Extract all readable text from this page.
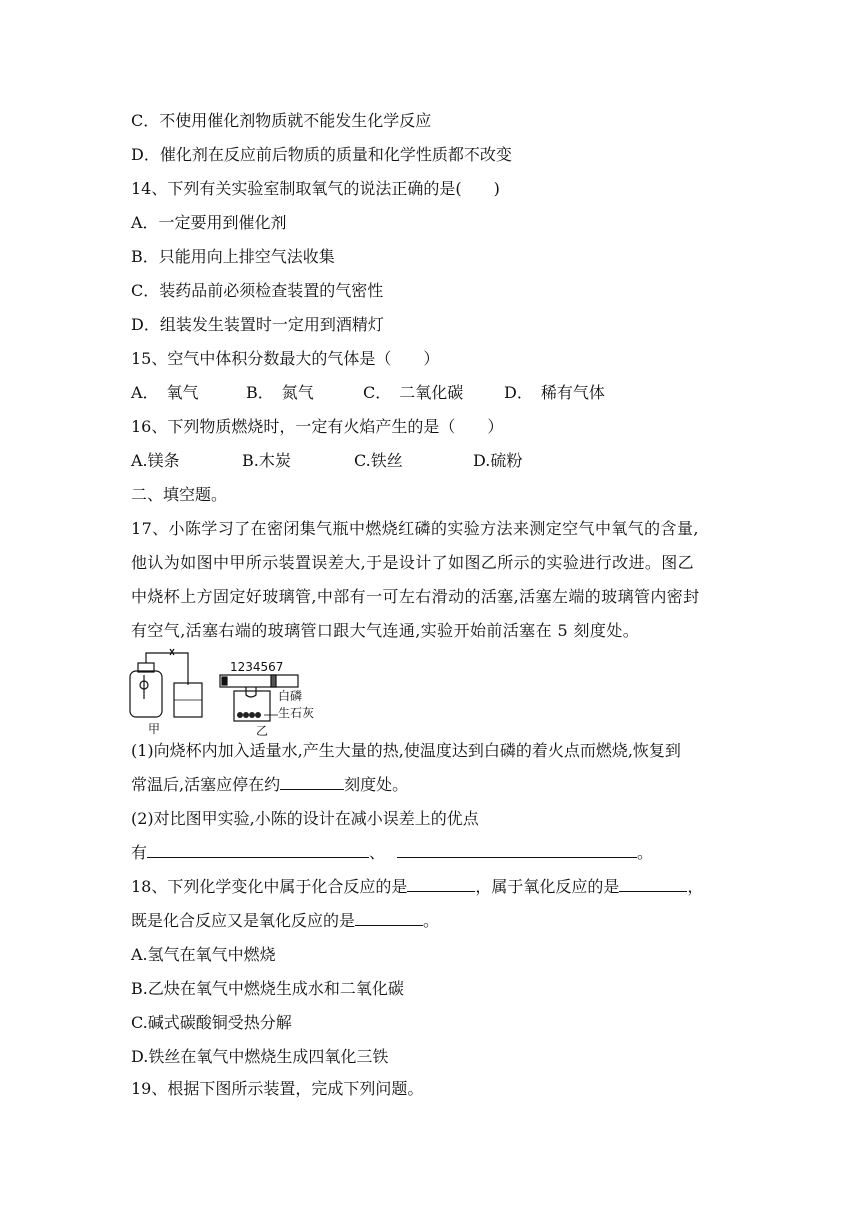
C．不使用催化剂物质就不能发生化学反应
D．催化剂在反应前后物质的质量和化学性质都不改变
14、下列有关实验室制取氧气的说法正确的是(　　)
A．一定要用到催化剂
B．只能用向上排空气法收集
C．装药品前必须检查装置的气密性
D．组装发生装置时一定用到酒精灯
15、空气中体积分数最大的气体是（　　）
A．　氧气	B．　氮气	C．　二氧化碳	D．　稀有气体
16、下列物质燃烧时，一定有火焰产生的是（　　）
A.镁条	B.木炭	C.铁丝	D.硫粉
二、填空题。
17、小陈学习了在密闭集气瓶中燃烧红磷的实验方法来测定空气中氧气的含量,
他认为如图中甲所示装置误差大,于是设计了如图乙所示的实验进行改进。图乙
中烧杯上方固定好玻璃管,中部有一可左右滑动的活塞,活塞左端的玻璃管内密封
有空气,活塞右端的玻璃管口跟大气连通,实验开始前活塞在 5 刻度处。
1234567
白磷
生石灰
甲	乙
(1)向烧杯内加入适量水,产生大量的热,使温度达到白磷的着火点而燃烧,恢复到
常温后,活塞应停在约	刻度处。
(2)对比图甲实验,小陈的设计在减小误差上的优点
有	、	。
18、下列化学变化中属于化合反应的是	，属于氧化反应的是	，
既是化合反应又是氧化反应的是	。
A.氢气在氧气中燃烧
B.乙炔在氧气中燃烧生成水和二氧化碳
C.碱式碳酸铜受热分解
D.铁丝在氧气中燃烧生成四氧化三铁
19、根据下图所示装置，完成下列问题。
